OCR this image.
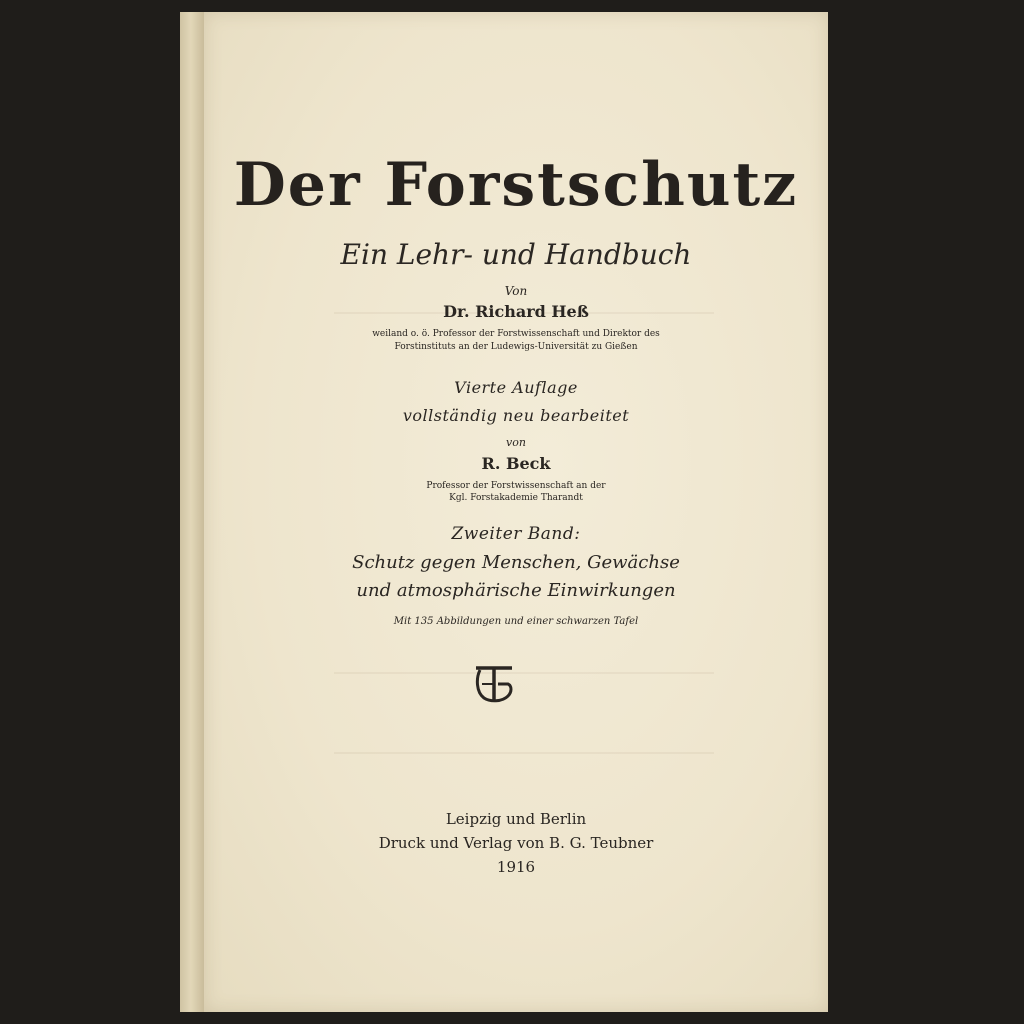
Der Forstschutz
Ein Lehr- und Handbuch
Von
Dr. Richard Heß
weiland o. ö. Professor der Forstwissenschaft und Direktor des Forstinstituts an der Ludewigs-Universität zu Gießen
Vierte Auflage
vollständig neu bearbeitet
von
R. Beck
Professor der Forstwissenschaft an der Kgl. Forstakademie Tharandt
Zweiter Band:
Schutz gegen Menschen, Gewächse
und atmosphärische Einwirkungen
Mit 135 Abbildungen und einer schwarzen Tafel
Leipzig und Berlin
Druck und Verlag von B. G. Teubner
1916
